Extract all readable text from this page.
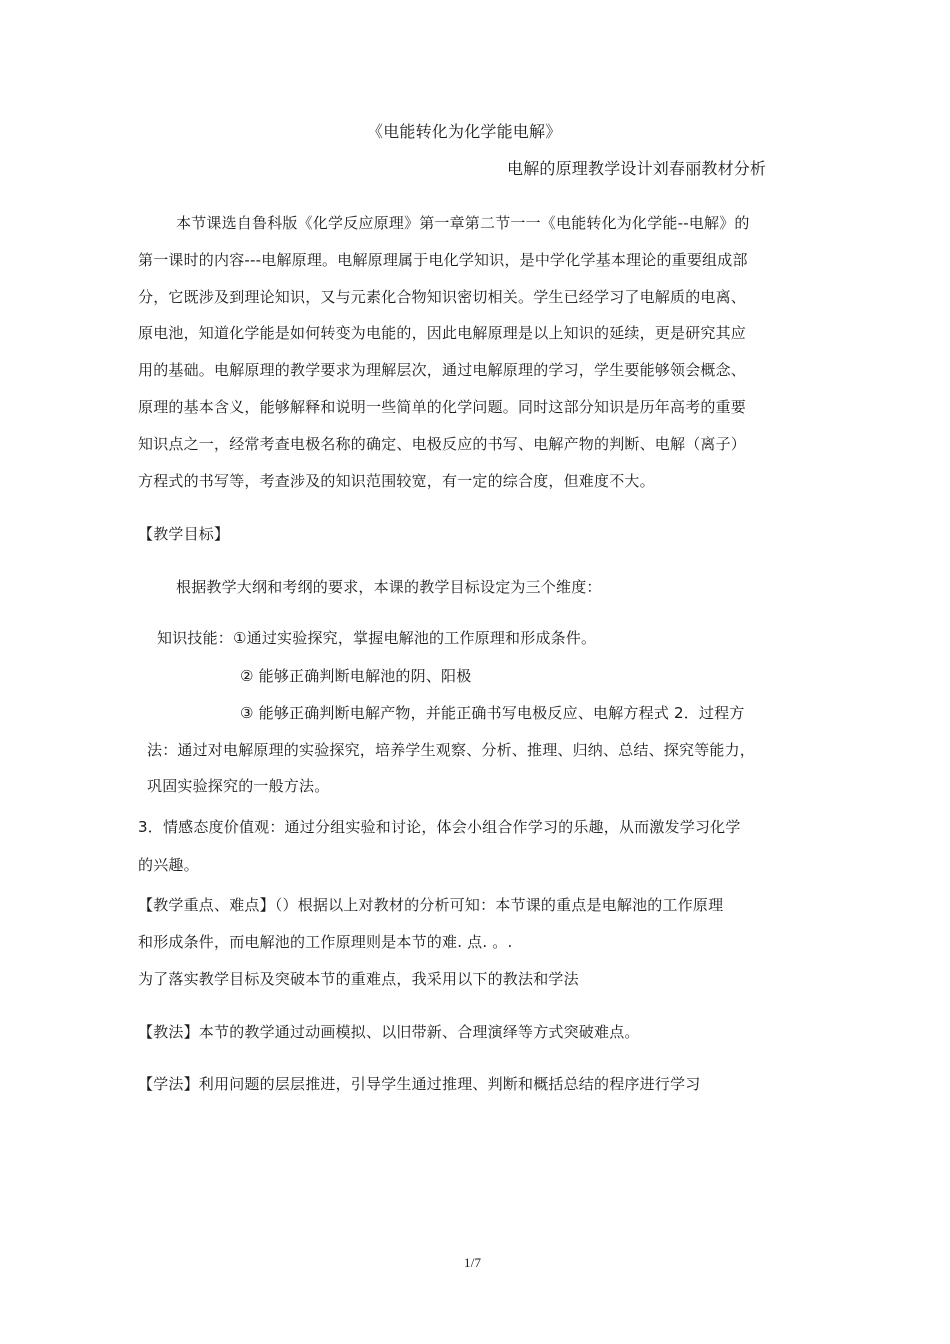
《电能转化为化学能电解》
电解的原理教学设计刘春丽教材分析
本节课选自鲁科版《化学反应原理》第一章第二节一一《电能转化为化学能--电解》的
第一课时的内容---电解原理。电解原理属于电化学知识，是中学化学基本理论的重要组成部
分，它既涉及到理论知识，又与元素化合物知识密切相关。学生已经学习了电解质的电离、
原电池，知道化学能是如何转变为电能的，因此电解原理是以上知识的延续，更是研究其应
用的基础。电解原理的教学要求为理解层次，通过电解原理的学习，学生要能够领会概念、
原理的基本含义，能够解释和说明一些简单的化学问题。同时这部分知识是历年高考的重要
知识点之一，经常考查电极名称的确定、电极反应的书写、电解产物的判断、电解（离子）
方程式的书写等，考查涉及的知识范围较宽，有一定的综合度，但难度不大。
【教学目标】
根据教学大纲和考纲的要求，本课的教学目标设定为三个维度：
知识技能：①通过实验探究，掌握电解池的工作原理和形成条件。
② 能够正确判断电解池的阴、阳极
③ 能够正确判断电解产物，并能正确书写电极反应、电解方程式 2．过程方
法：通过对电解原理的实验探究，培养学生观察、分析、推理、归纳、总结、探究等能力，
巩固实验探究的一般方法。
3．情感态度价值观：通过分组实验和讨论，体会小组合作学习的乐趣，从而激发学习化学
的兴趣。
【教学重点、难点】（）根据以上对教材的分析可知：本节课的重点是电解池的工作原理
和形成条件，而电解池的工作原理则是本节的难. 点. 。.
为了落实教学目标及突破本节的重难点，我采用以下的教法和学法
【教法】本节的教学通过动画模拟、以旧带新、合理演绎等方式突破难点。
【学法】利用问题的层层推进，引导学生通过推理、判断和概括总结的程序进行学习
1/7
